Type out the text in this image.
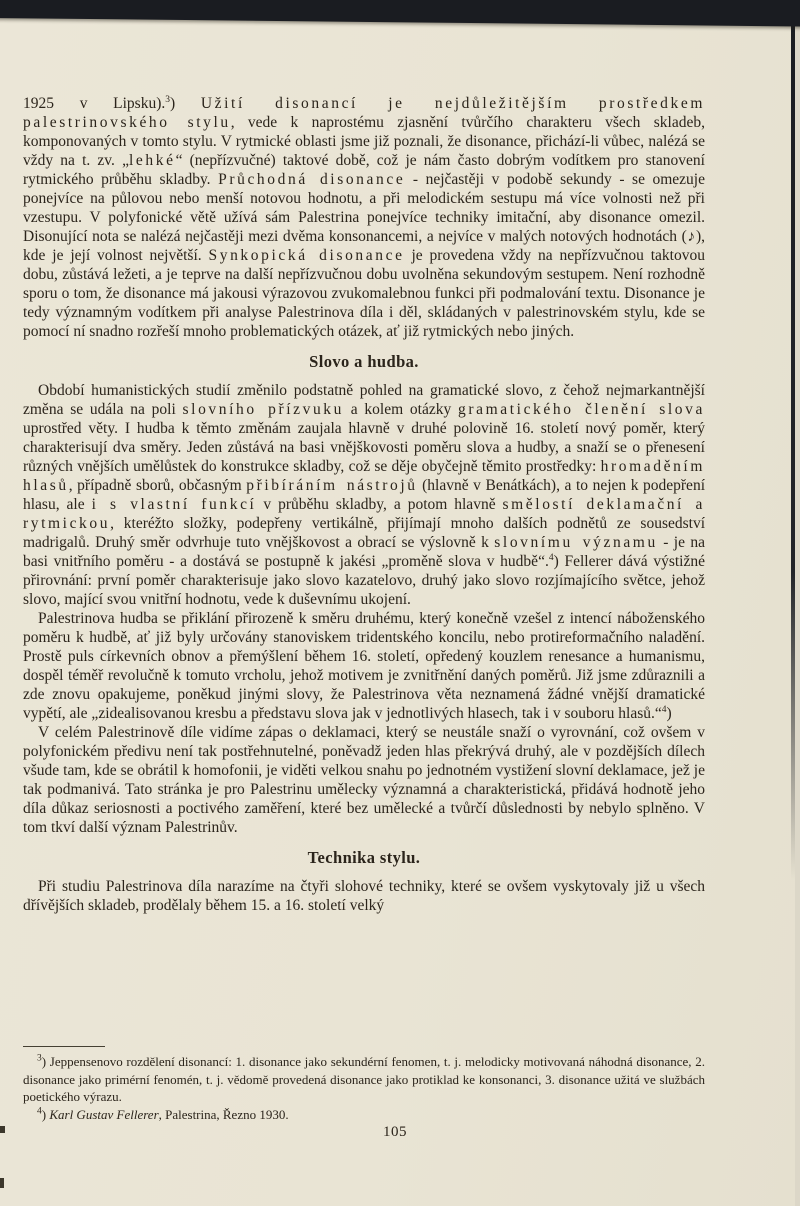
1925 v Lipsku).$^3$) Užití disonancí je nejdůležitějším prostředkem palestrinovského stylu, vede k naprostému zjasnění tvůrčího charakteru všech skladeb, komponovaných v tomto stylu. V rytmické oblasti jsme již poznali, že disonance, přichází-li vůbec, nalézá se vždy na t. zv. „lehké“ (nepřízvučné) taktové době, což je nám často dobrým vodítkem pro stanovení rytmického průběhu skladby. Průchodná disonance - nejčastěji v podobě sekundy - se omezuje ponejvíce na půlovou nebo menší notovou hodnotu, a při melodickém sestupu má více volnosti než při vzestupu. V polyfonické větě užívá sám Palestrina ponejvíce techniky imitační, aby disonance omezil. Disonující nota se nalézá nejčastěji mezi dvěma konsonancemi, a nejvíce v malých notových hodnotách (♪), kde je její volnost největší. Synkopická disonance je provedena vždy na nepřízvučnou taktovou dobu, zůstává ležeti, a je teprve na další nepřízvučnou dobu uvolněna sekundovým sestupem. Není rozhodně sporu o tom, že disonance má jakousi výrazovou zvukomalebnou funkci při podmalování textu. Disonance je tedy významným vodítkem při analyse Palestrinova díla i děl, skládaných v palestrinovském stylu, kde se pomocí ní snadno rozřeší mnoho problematických otázek, ať již rytmických nebo jiných.

Slovo a hudba.

Období humanistických studií změnilo podstatně pohled na gramatické slovo, z čehož nejmarkantnější změna se udála na poli slovního přízvuku a kolem otázky gramatického členění slova uprostřed věty. I hudba k těmto změnám zaujala hlavně v druhé polovině 16. století nový poměr, který charakterisují dva směry. Jeden zůstává na basi vnějškovosti poměru slova a hudby, a snaží se o přenesení různých vnějších umělůstek do konstrukce skladby, což se děje obyčejně těmito prostředky: hromaděním hlasů, případně sborů, občasným přibíráním nástrojů (hlavně v Benátkách), a to nejen k podepření hlasu, ale i s vlastní funkcí v průběhu skladby, a potom hlavně smělostí deklamační a rytmickou, kteréžto složky, podepřeny vertikálně, přijímají mnoho dalších podnětů ze sousedství madrigalů. Druhý směr odvrhuje tuto vnějškovost a obrací se výslovně k slovnímu významu - je na basi vnitřního poměru - a dostává se postupně k jakési „proměně slova v hudbě“.$^4$) Fellerer dává výstižné přirovnání: první poměr charakterisuje jako slovo kazatelovo, druhý jako slovo rozjímajícího světce, jehož slovo, mající svou vnitřní hodnotu, vede k duševnímu ukojení.

Palestrinova hudba se přiklání přirozeně k směru druhému, který konečně vzešel z intencí náboženského poměru k hudbě, ať již byly určovány stanoviskem tridentského koncilu, nebo protireformačního naladění. Prostě puls církevních obnov a přemýšlení během 16. století, opředený kouzlem renesance a humanismu, dospěl téměř revolučně k tomuto vrcholu, jehož motivem je zvnitřnění daných poměrů. Již jsme zdůraznili a zde znovu opakujeme, poněkud jinými slovy, že Palestrinova věta neznamená žádné vnější dramatické vypětí, ale „zidealisovanou kresbu a představu slova jak v jednotlivých hlasech, tak i v souboru hlasů.“$^4$)

V celém Palestrinově díle vidíme zápas o deklamaci, který se neustále snaží o vyrovnání, což ovšem v polyfonickém předivu není tak postřehnutelné, poněvadž jeden hlas překrývá druhý, ale v pozdějších dílech všude tam, kde se obrátil k homofonii, je viděti velkou snahu po jednotném vystižení slovní deklamace, jež je tak podmanivá. Tato stránka je pro Palestrinu umělecky významná a charakteristická, přidává hodnotě jeho díla důkaz seriosnosti a poctivého zaměření, které bez umělecké a tvůrčí důslednosti by nebylo splněno. V tom tkví další význam Palestrinův.

Technika stylu.

Při studiu Palestrinova díla narazíme na čtyři slohové techniky, které se ovšem vyskytovaly již u všech dřívějších skladeb, prodělaly během 15. a 16. století velký

$^3$) Jeppensenovo rozdělení disonancí: 1. disonance jako sekundérní fenomen, t. j. melodicky motivovaná náhodná disonance, 2. disonance jako primérní fenomén, t. j. vědomě provedená disonance jako protiklad ke konsonanci, 3. disonance užitá ve službách poetického výrazu.

$^4$) Karl Gustav Fellerer, Palestrina, Řezno 1930.

105
